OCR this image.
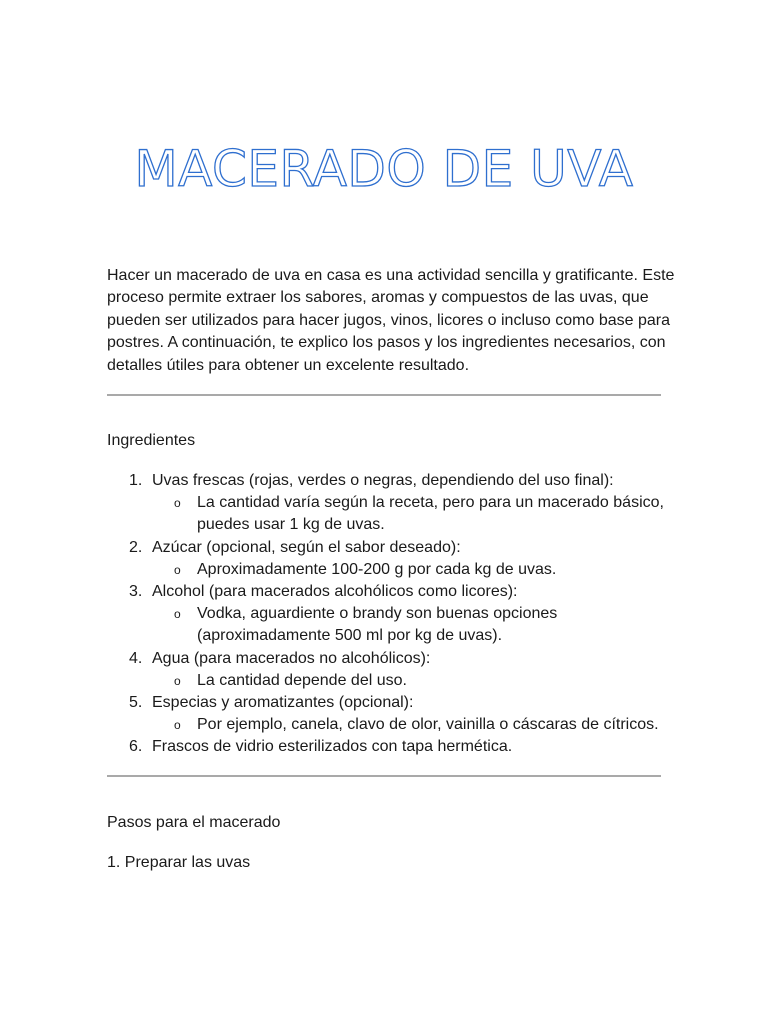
MACERADO DE UVA

Hacer un macerado de uva en casa es una actividad sencilla y gratificante. Este proceso permite extraer los sabores, aromas y compuestos de las uvas, que pueden ser utilizados para hacer jugos, vinos, licores o incluso como base para postres. A continuación, te explico los pasos y los ingredientes necesarios, con detalles útiles para obtener un excelente resultado.

Ingredientes
1. Uvas frescas (rojas, verdes o negras, dependiendo del uso final):
o La cantidad varía según la receta, pero para un macerado básico, puedes usar 1 kg de uvas.
2. Azúcar (opcional, según el sabor deseado):
o Aproximadamente 100-200 g por cada kg de uvas.
3. Alcohol (para macerados alcohólicos como licores):
o Vodka, aguardiente o brandy son buenas opciones (aproximadamente 500 ml por kg de uvas).
4. Agua (para macerados no alcohólicos):
o La cantidad depende del uso.
5. Especias y aromatizantes (opcional):
o Por ejemplo, canela, clavo de olor, vainilla o cáscaras de cítricos.
6. Frascos de vidrio esterilizados con tapa hermética.
Pasos para el macerado
1. Preparar las uvas
